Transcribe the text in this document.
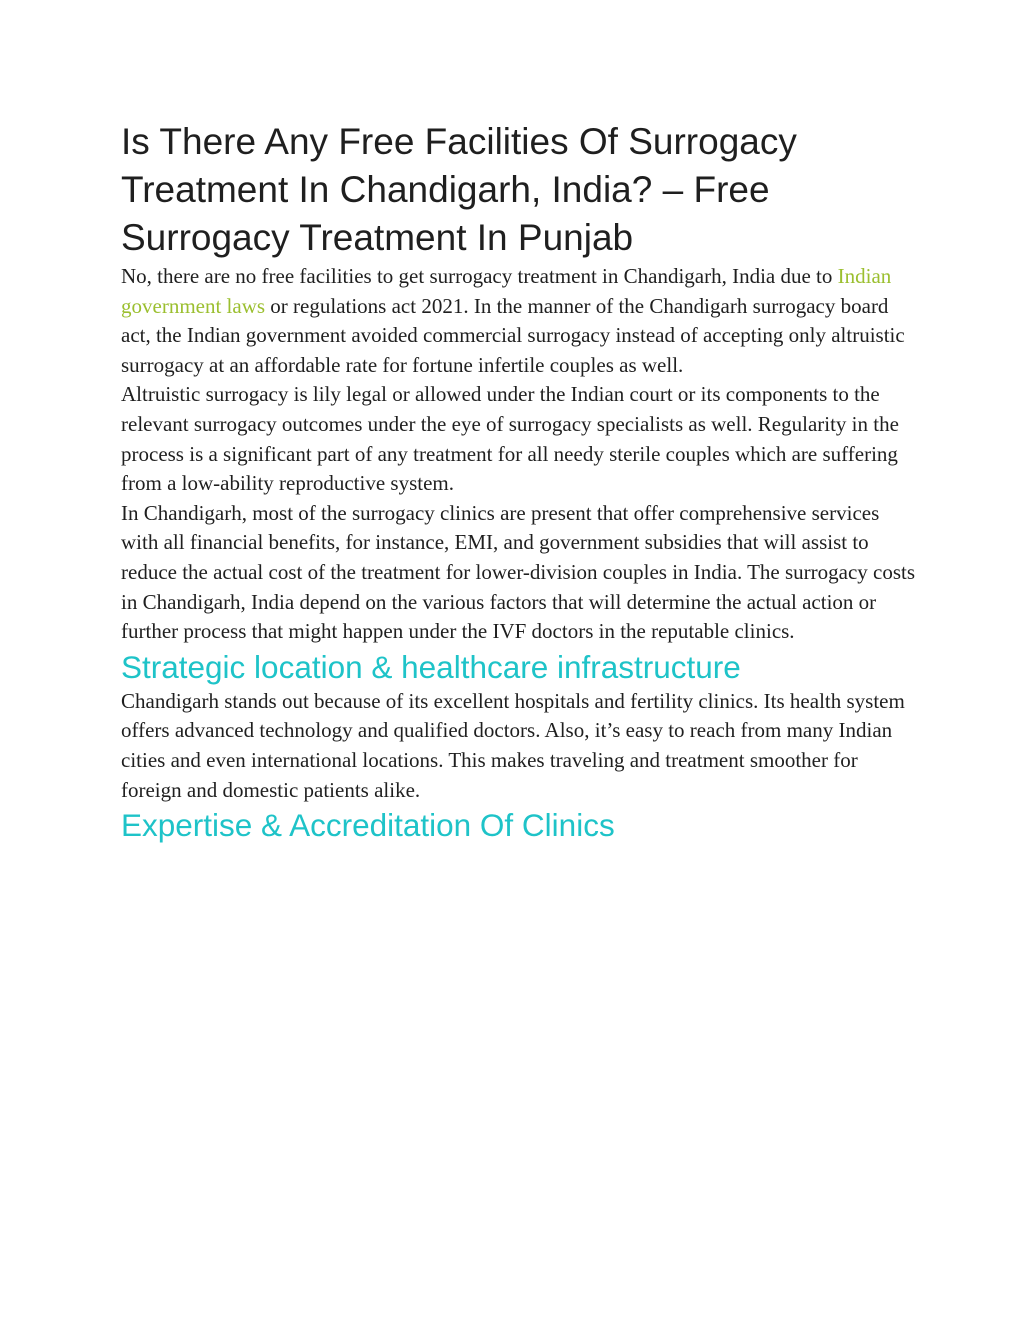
Is There Any Free Facilities Of Surrogacy Treatment In Chandigarh, India? – Free Surrogacy Treatment In Punjab

No, there are no free facilities to get surrogacy treatment in Chandigarh, India due to Indian government laws or regulations act 2021. In the manner of the Chandigarh surrogacy board act, the Indian government avoided commercial surrogacy instead of accepting only altruistic surrogacy at an affordable rate for fortune infertile couples as well.

Altruistic surrogacy is lily legal or allowed under the Indian court or its components to the relevant surrogacy outcomes under the eye of surrogacy specialists as well. Regularity in the process is a significant part of any treatment for all needy sterile couples which are suffering from a low-ability reproductive system.

In Chandigarh, most of the surrogacy clinics are present that offer comprehensive services with all financial benefits, for instance, EMI, and government subsidies that will assist to reduce the actual cost of the treatment for lower-division couples in India. The surrogacy costs in Chandigarh, India depend on the various factors that will determine the actual action or further process that might happen under the IVF doctors in the reputable clinics.

Strategic location & healthcare infrastructure

Chandigarh stands out because of its excellent hospitals and fertility clinics. Its health system offers advanced technology and qualified doctors. Also, it’s easy to reach from many Indian cities and even international locations. This makes traveling and treatment smoother for foreign and domestic patients alike.

Expertise & Accreditation Of Clinics
